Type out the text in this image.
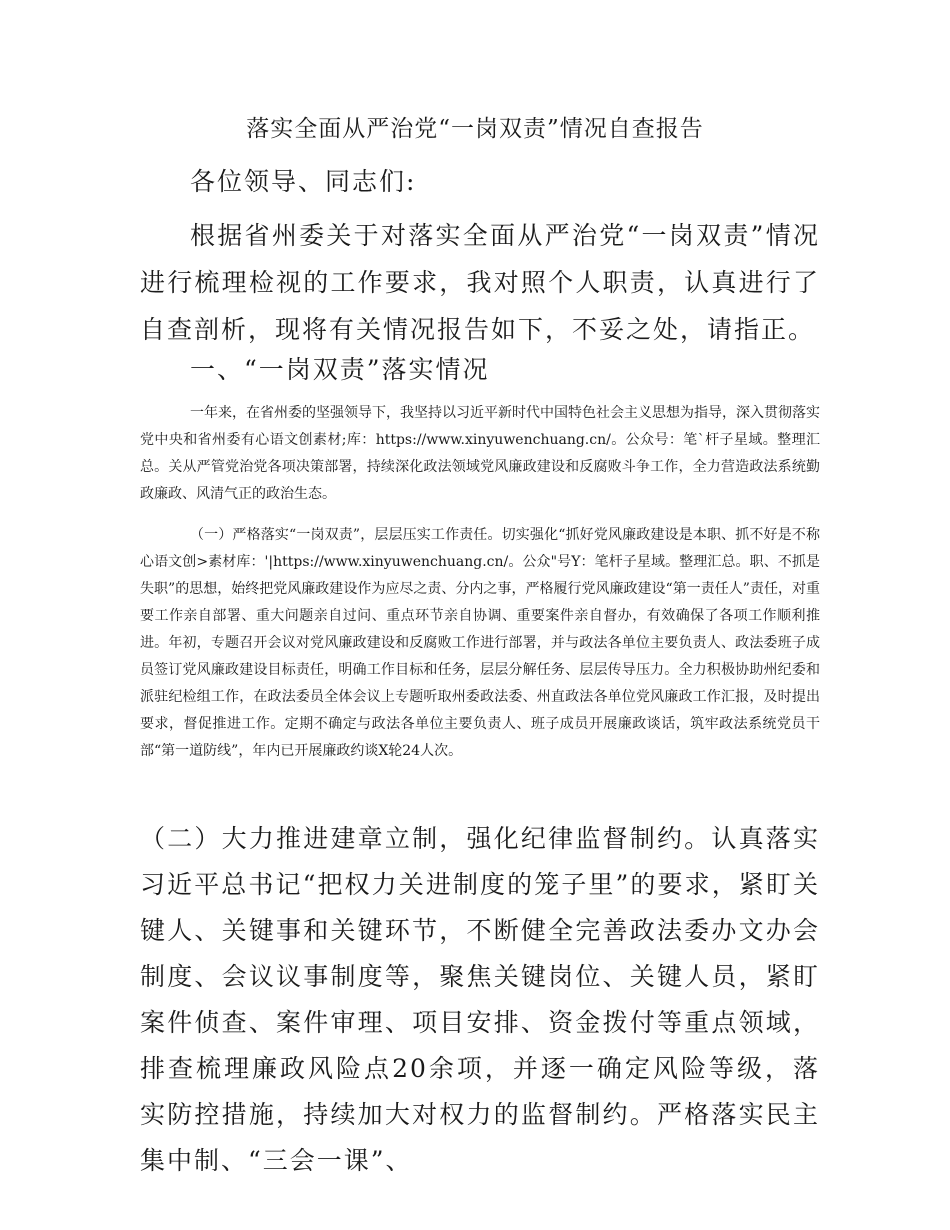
落实全面从严治党“一岗双责”情况自查报告
各位领导、同志们:
根据省州委关于对落实全面从严治党“一岗双责”情况进行梳理检视的工作要求，我对照个人职责，认真进行了自查剖析，现将有关情况报告如下，不妥之处，请指正。
一、“一岗双责”落实情况
一年来，在省州委的坚强领导下，我坚持以习近平新时代中国特色社会主义思想为指导，深入贯彻落实党中央和省州委有心语文创素材;库：https://www.xinyuwenchuang.cn/。公众号：笔`杆子星域。整理汇总。关从严管党治党各项决策部署，持续深化政法领域党风廉政建设和反腐败斗争工作，全力营造政法系统勤政廉政、风清气正的政治生态。
（一）严格落实“一岗双责”，层层压实工作责任。切实强化“抓好党风廉政建设是本职、抓不好是不称心语文创>素材库：'|https://www.xinyuwenchuang.cn/。公众"号Y：笔杆子星域。整理汇总。职、不抓是失职”的思想，始终把党风廉政建设作为应尽之责、分内之事，严格履行党风廉政建设“第一责任人”责任，对重要工作亲自部署、重大问题亲自过问、重点环节亲自协调、重要案件亲自督办，有效确保了各项工作顺利推进。年初，专题召开会议对党风廉政建设和反腐败工作进行部署，并与政法各单位主要负责人、政法委班子成员签订党风廉政建设目标责任，明确工作目标和任务，层层分解任务、层层传导压力。全力积极协助州纪委和派驻纪检组工作，在政法委员全体会议上专题听取州委政法委、州直政法各单位党风廉政工作汇报，及时提出要求，督促推进工作。定期不确定与政法各单位主要负责人、班子成员开展廉政谈话，筑牢政法系统党员干部“第一道防线”，年内已开展廉政约谈X轮24人次。
（二）大力推进建章立制，强化纪律监督制约。认真落实习近平总书记“把权力关进制度的笼子里”的要求，紧盯关键人、关键事和关键环节，不断健全完善政法委办文办会制度、会议议事制度等，聚焦关键岗位、关键人员，紧盯案件侦查、案件审理、项目安排、资金拨付等重点领域，排查梳理廉政风险点20余项，并逐一确定风险等级，落实防控措施，持续加大对权力的监督制约。严格落实民主集中制、“三会一课”、
